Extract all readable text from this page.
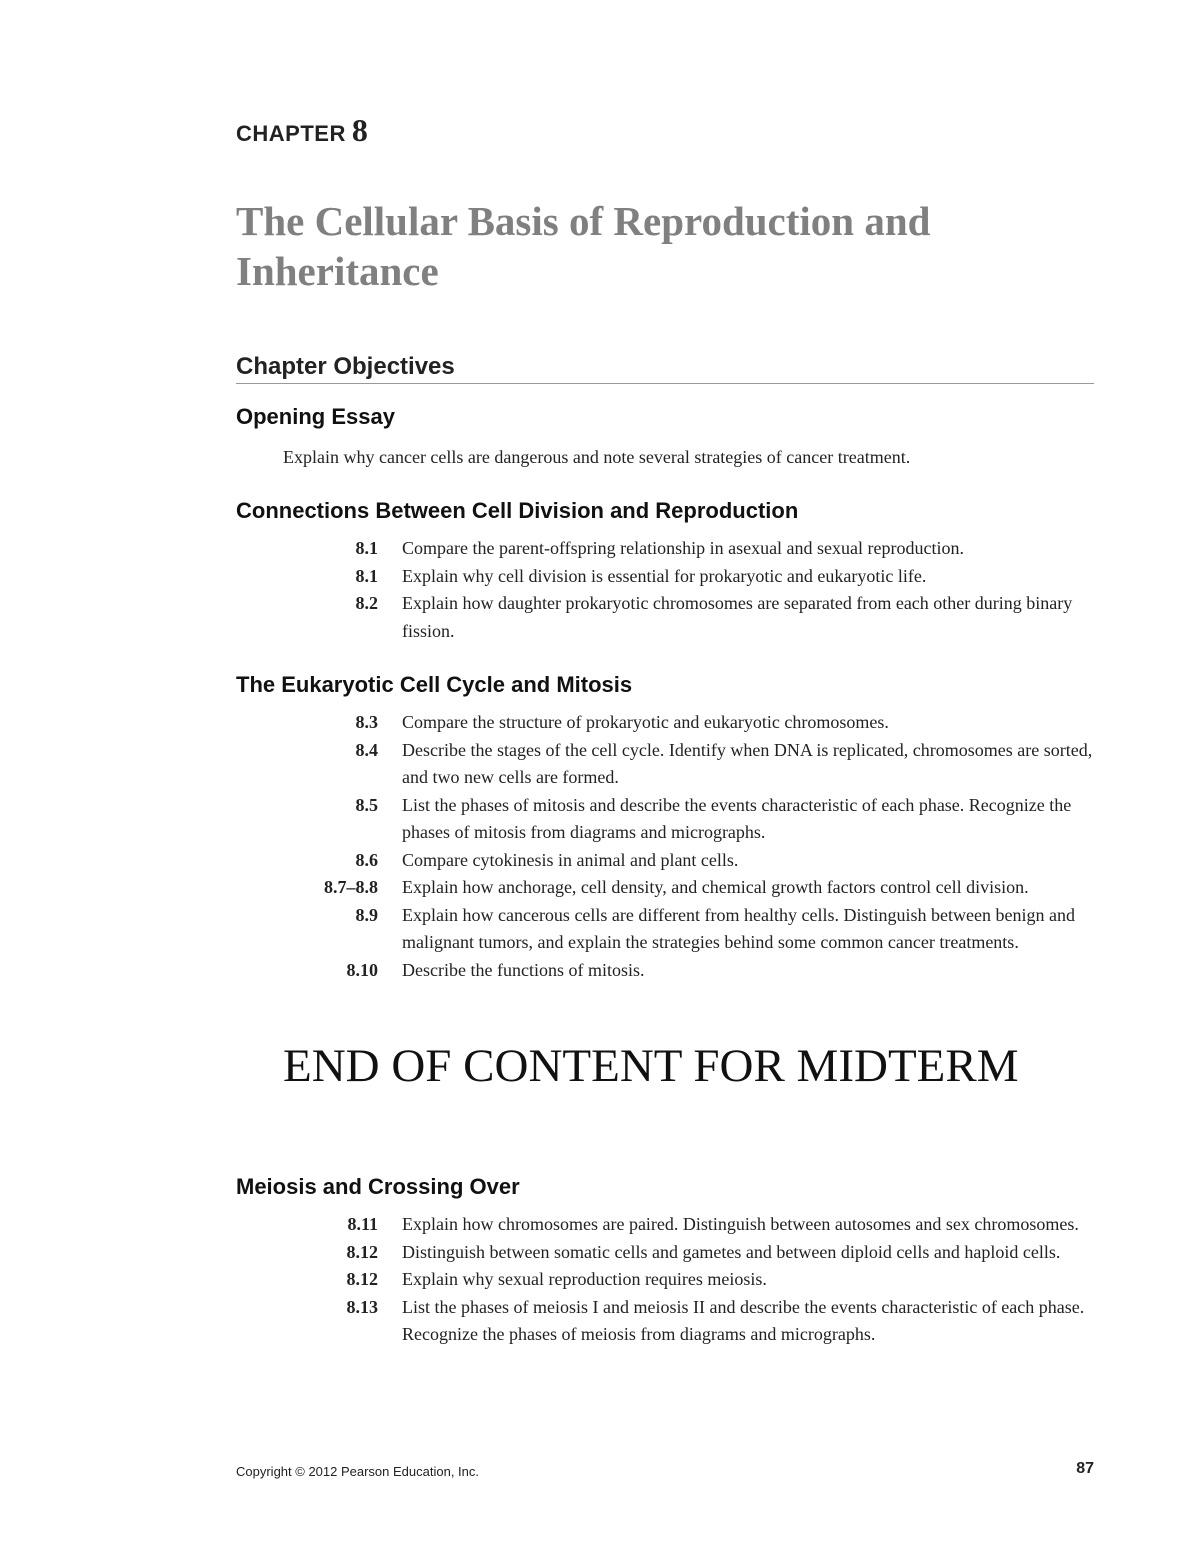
CHAPTER 8
The Cellular Basis of Reproduction and Inheritance
Chapter Objectives
Opening Essay

Explain why cancer cells are dangerous and note several strategies of cancer treatment.

Connections Between Cell Division and Reproduction
8.1 Compare the parent-offspring relationship in asexual and sexual reproduction.
8.1 Explain why cell division is essential for prokaryotic and eukaryotic life.
8.2 Explain how daughter prokaryotic chromosomes are separated from each other during binary fission.
The Eukaryotic Cell Cycle and Mitosis
8.3 Compare the structure of prokaryotic and eukaryotic chromosomes.
8.4 Describe the stages of the cell cycle. Identify when DNA is replicated, chromosomes are sorted, and two new cells are formed.
8.5 List the phases of mitosis and describe the events characteristic of each phase. Recognize the phases of mitosis from diagrams and micrographs.
8.6 Compare cytokinesis in animal and plant cells.
8.7–8.8 Explain how anchorage, cell density, and chemical growth factors control cell division.
8.9 Explain how cancerous cells are different from healthy cells. Distinguish between benign and malignant tumors, and explain the strategies behind some common cancer treatments.
8.10 Describe the functions of mitosis.
END OF CONTENT FOR MIDTERM
Meiosis and Crossing Over
8.11 Explain how chromosomes are paired. Distinguish between autosomes and sex chromosomes.
8.12 Distinguish between somatic cells and gametes and between diploid cells and haploid cells.
8.12 Explain why sexual reproduction requires meiosis.
8.13 List the phases of meiosis I and meiosis II and describe the events characteristic of each phase. Recognize the phases of meiosis from diagrams and micrographs.
Copyright © 2012 Pearson Education, Inc.	87
